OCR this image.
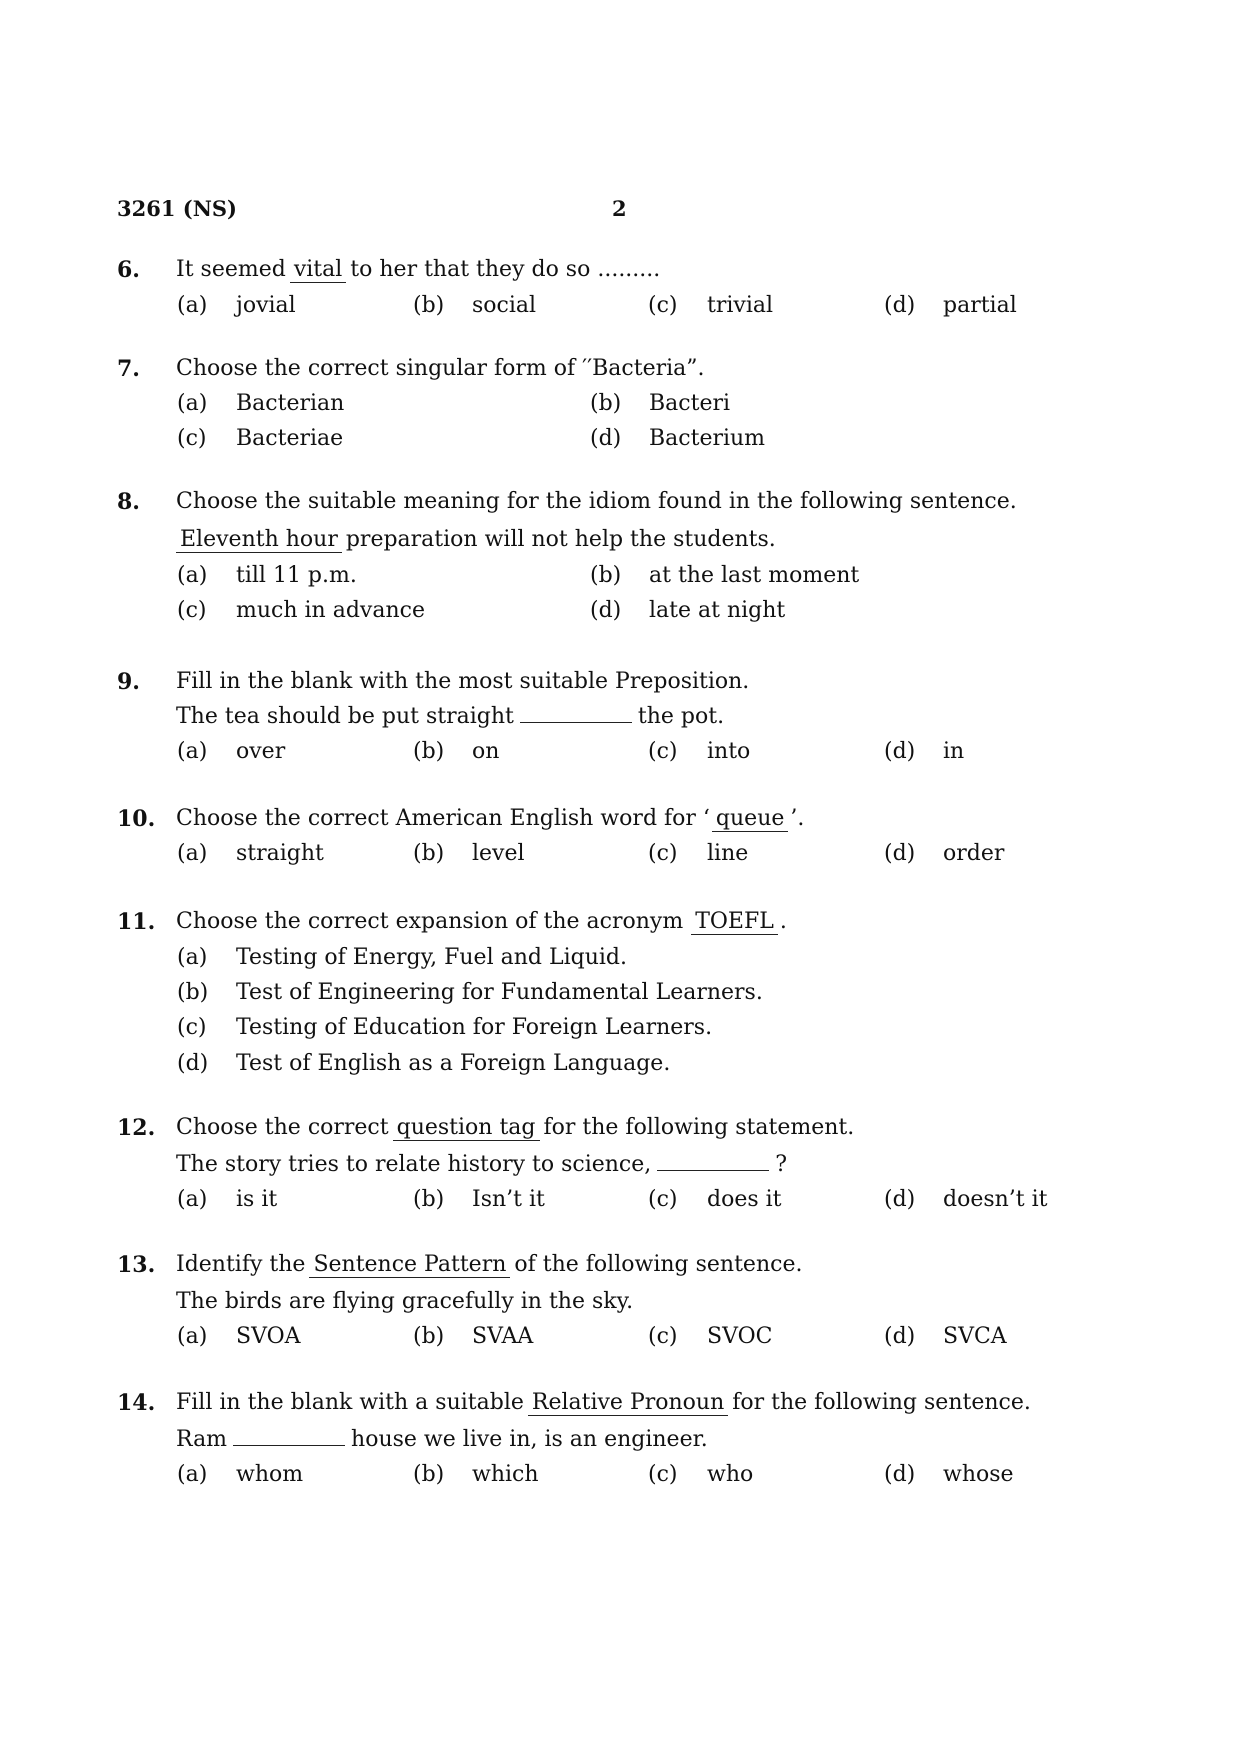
3261 (NS)	2
6. It seemed vital to her that they do so .........
(a) jovial	(b) social	(c) trivial	(d) partial
7. Choose the correct singular form of ′′Bacteria”.
(a) Bacterian	(b) Bacteri
(c) Bacteriae	(d) Bacterium
8. Choose the suitable meaning for the idiom found in the following sentence.
Eleventh hour preparation will not help the students.
(a) till 11 p.m.	(b) at the last moment
(c) much in advance	(d) late at night
9. Fill in the blank with the most suitable Preposition.
The tea should be put straight	the pot.
(a) over	(b) on	(c) into	(d) in
10. Choose the correct American English word for ‘ queue ’.
(a) straight	(b) level	(c) line	(d) order
11. Choose the correct expansion of the acronym TOEFL .
(a) Testing of Energy, Fuel and Liquid.
(b) Test of Engineering for Fundamental Learners.
(c) Testing of Education for Foreign Learners.
(d) Test of English as a Foreign Language.
12. Choose the correct question tag for the following statement.
The story tries to relate history to science,	?
(a) is it	(b) Isn’t it	(c) does it	(d) doesn’t it
13. Identify the Sentence Pattern of the following sentence.
The birds are flying gracefully in the sky.
(a) SVOA	(b) SVAA	(c) SVOC	(d) SVCA
14. Fill in the blank with a suitable Relative Pronoun for the following sentence.
Ram	house we live in, is an engineer.
(a) whom	(b) which	(c) who	(d) whose
